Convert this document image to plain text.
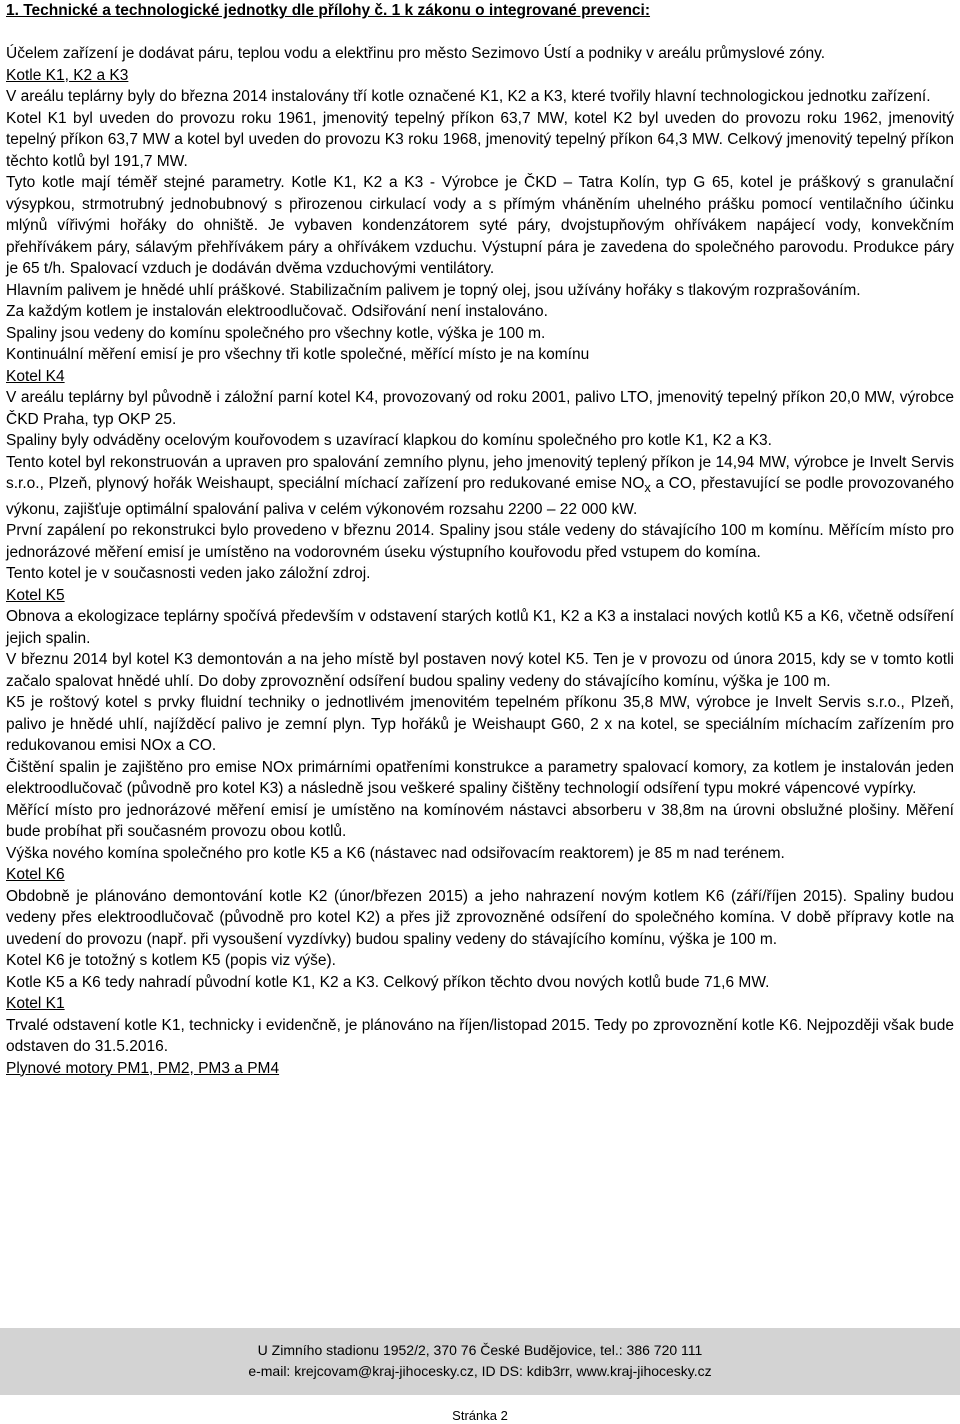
1. Technické a technologické jednotky dle přílohy č. 1 k zákonu o integrované prevenci:

Účelem zařízení je dodávat páru, teplou vodu a elektřinu pro město Sezimovo Ústí a podniky v areálu průmyslové zóny.

Kotle K1, K2 a K3

V areálu teplárny byly do března 2014 instalovány tří kotle označené K1, K2 a K3, které tvořily hlavní technologickou jednotku zařízení.

Kotel K1 byl uveden do provozu roku 1961, jmenovitý tepelný příkon 63,7 MW, kotel K2 byl uveden do provozu roku 1962, jmenovitý tepelný příkon 63,7 MW a kotel byl uveden do provozu K3 roku 1968, jmenovitý tepelný příkon 64,3 MW. Celkový jmenovitý tepelný příkon těchto kotlů byl 191,7 MW.

Tyto kotle mají téměř stejné parametry. Kotle K1, K2 a K3 - Výrobce je ČKD – Tatra Kolín, typ G 65, kotel je práškový s granulační výsypkou, strmotrubný jednobubnový s přirozenou cirkulací vody a s přímým vháněním uhelného prášku pomocí ventilačního účinku mlýnů vířivými hořáky do ohniště. Je vybaven kondenzátorem syté páry, dvojstupňovým ohřívákem napájecí vody, konvekčním přehřívákem páry, sálavým přehřívákem páry a ohřívákem vzduchu. Výstupní pára je zavedena do společného parovodu. Produkce páry je 65 t/h. Spalovací vzduch je dodáván dvěma vzduchovými ventilátory.

Hlavním palivem je hnědé uhlí práškové. Stabilizačním palivem je topný olej, jsou užívány hořáky s tlakovým rozprašováním.

Za každým kotlem je instalován elektroodlučovač. Odsiřování není instalováno.

Spaliny jsou vedeny do komínu společného pro všechny kotle, výška je 100 m.

Kontinuální měření emisí je pro všechny tři kotle společné, měřící místo je na komínu

Kotel K4

V areálu teplárny byl původně i záložní parní kotel K4, provozovaný od roku 2001, palivo LTO, jmenovitý tepelný příkon 20,0 MW, výrobce ČKD Praha, typ OKP 25.

Spaliny byly odváděny ocelovým kouřovodem s uzavírací klapkou do komínu společného pro kotle K1, K2 a K3.

Tento kotel byl rekonstruován a upraven pro spalování zemního plynu, jeho jmenovitý teplený příkon je 14,94 MW, výrobce je Invelt Servis s.r.o., Plzeň, plynový hořák Weishaupt, speciální míchací zařízení pro redukované emise $NO_x$ a CO, přestavující se podle provozovaného výkonu, zajišťuje optimální spalování paliva v celém výkonovém rozsahu 2200 – 22 000 kW.

První zapálení po rekonstrukci bylo provedeno v březnu 2014. Spaliny jsou stále vedeny do stávajícího 100 m komínu. Měřícím místo pro jednorázové měření emisí je umístěno na vodorovném úseku výstupního kouřovodu před vstupem do komína.

Tento kotel je v současnosti veden jako záložní zdroj.

Kotel K5

Obnova a ekologizace teplárny spočívá především v odstavení starých kotlů K1, K2 a K3 a instalaci nových kotlů K5 a K6, včetně odsíření jejich spalin.

V březnu 2014 byl kotel K3 demontován a na jeho místě byl postaven nový kotel K5. Ten je v provozu od února 2015, kdy se v tomto kotli začalo spalovat hnědé uhlí. Do doby zprovoznění odsíření budou spaliny vedeny do stávajícího komínu, výška je 100 m.

K5 je roštový kotel s prvky fluidní techniky o jednotlivém jmenovitém tepelném příkonu 35,8 MW, výrobce je Invelt Servis s.r.o., Plzeň, palivo je hnědé uhlí, najížděcí palivo je zemní plyn. Typ hořáků je Weishaupt G60, 2 x na kotel, se speciálním míchacím zařízením pro redukovanou emisi NOx a CO.

Čištění spalin je zajištěno pro emise NOx primárními opatřeními konstrukce a parametry spalovací komory, za kotlem je instalován jeden elektroodlučovač (původně pro kotel K3) a následně jsou veškeré spaliny čištěny technologií odsíření typu mokré vápencové vypírky.

Měřící místo pro jednorázové měření emisí je umístěno na komínovém nástavci absorberu v 38,8m na úrovni obslužné plošiny. Měření bude probíhat při současném provozu obou kotlů.

Výška nového komína společného pro kotle K5 a K6 (nástavec nad odsiřovacím reaktorem) je 85 m nad terénem.

Kotel K6

Obdobně je plánováno demontování kotle K2 (únor/březen 2015) a jeho nahrazení novým kotlem K6 (září/říjen 2015). Spaliny budou vedeny přes elektroodlučovač (původně pro kotel K2) a přes již zprovozněné odsíření do společného komína. V době přípravy kotle na uvedení do provozu (např. při vysoušení vyzdívky) budou spaliny vedeny do stávajícího komínu, výška je 100 m.

Kotel K6 je totožný s kotlem K5 (popis viz výše).

Kotle K5 a K6 tedy nahradí původní kotle K1, K2 a K3. Celkový příkon těchto dvou nových kotlů bude 71,6 MW.

Kotel K1

Trvalé odstavení kotle K1, technicky i evidenčně, je plánováno na říjen/listopad 2015. Tedy po zprovoznění kotle K6. Nejpozději však bude odstaven do 31.5.2016.

Plynové motory PM1, PM2, PM3 a PM4

U Zimního stadionu 1952/2, 370 76 České Budějovice, tel.: 386 720 111
e-mail: krejcovam@kraj-jihocesky.cz, ID DS: kdib3rr, www.kraj-jihocesky.cz
Stránka 2
